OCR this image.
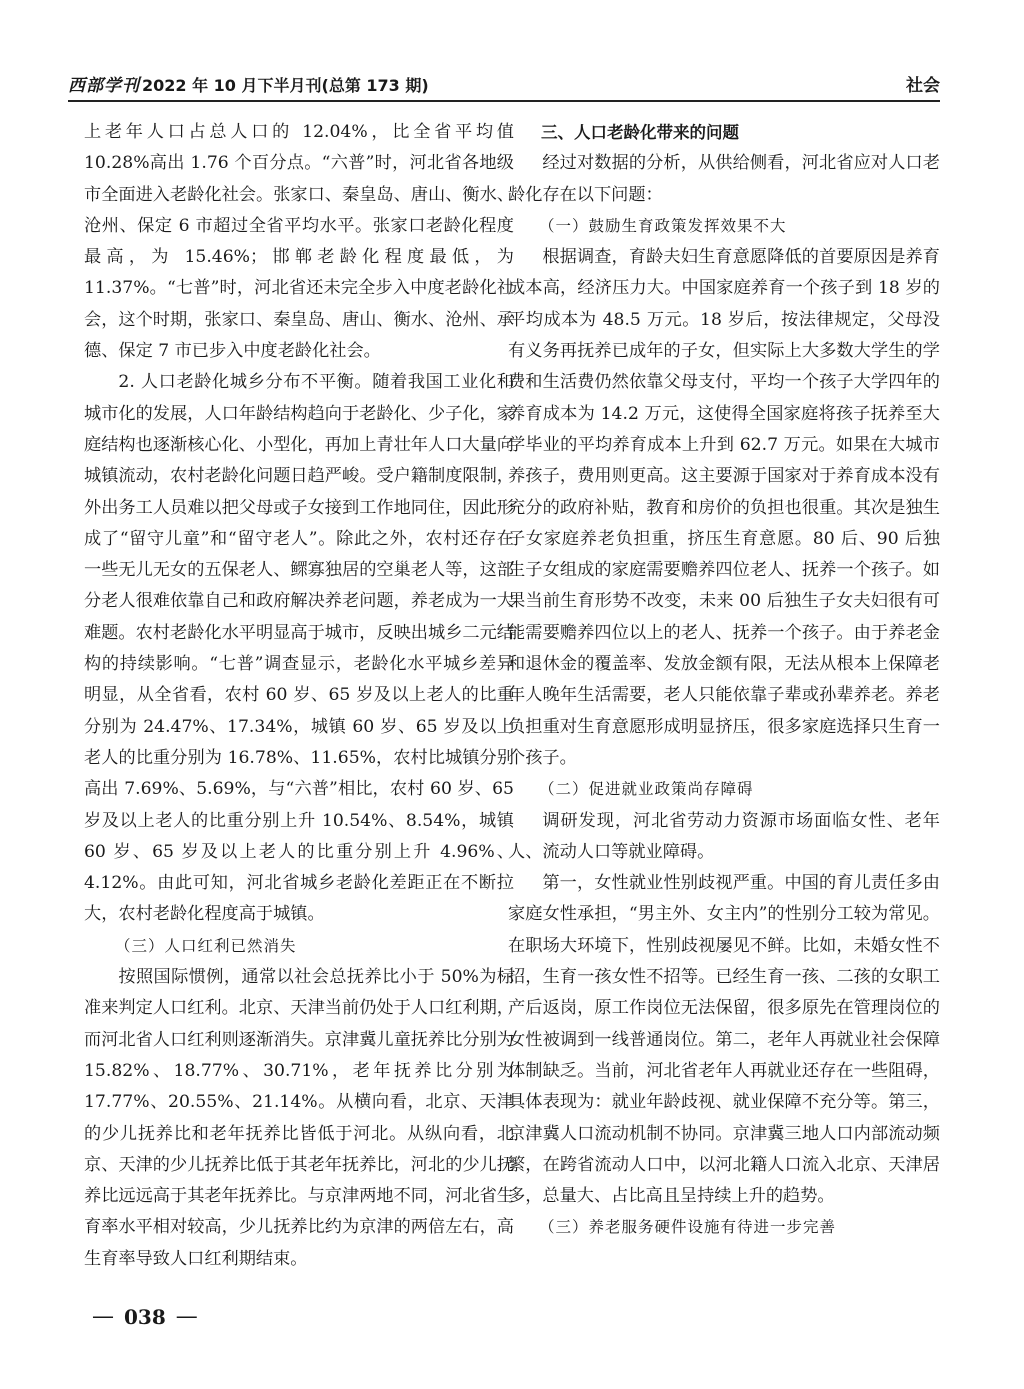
西部学刊 2022 年 10 月下半月刊(总第 173 期)	社会

上老年人口占总人口的 12.04%，比全省平均值 10.28%高出 1.76 个百分点。“六普”时，河北省各地级市全面进入老龄化社会。张家口、秦皇岛、唐山、衡水、沧州、保定 6 市超过全省平均水平。张家口老龄化程度最高，为 15.46%；邯郸老龄化程度最低，为 11.37%。“七普”时，河北省还未完全步入中度老龄化社会，这个时期，张家口、秦皇岛、唐山、衡水、沧州、承德、保定 7 市已步入中度老龄化社会。

2. 人口老龄化城乡分布不平衡。随着我国工业化和城市化的发展，人口年龄结构趋向于老龄化、少子化，家庭结构也逐渐核心化、小型化，再加上青壮年人口大量向城镇流动，农村老龄化问题日趋严峻。受户籍制度限制，外出务工人员难以把父母或子女接到工作地同住，因此形成了“留守儿童”和“留守老人”。除此之外，农村还存在一些无儿无女的五保老人、鳏寡独居的空巢老人等，这部分老人很难依靠自己和政府解决养老问题，养老成为一大难题。农村老龄化水平明显高于城市，反映出城乡二元结构的持续影响。“七普”调查显示，老龄化水平城乡差异明显，从全省看，农村 60 岁、65 岁及以上老人的比重分别为 24.47%、17.34%，城镇 60 岁、65 岁及以上老人的比重分别为 16.78%、11.65%，农村比城镇分别高出 7.69%、5.69%，与“六普”相比，农村 60 岁、65 岁及以上老人的比重分别上升 10.54%、8.54%，城镇 60 岁、65 岁及以上老人的比重分别上升 4.96%、4.12%。由此可知，河北省城乡老龄化差距正在不断拉大，农村老龄化程度高于城镇。

（三）人口红利已然消失

按照国际惯例，通常以社会总抚养比小于 50%为标准来判定人口红利。北京、天津当前仍处于人口红利期，而河北省人口红利则逐渐消失。京津冀儿童抚养比分别为 15.82%、18.77%、30.71%，老年抚养比分别为 17.77%、20.55%、21.14%。从横向看，北京、天津的少儿抚养比和老年抚养比皆低于河北。从纵向看，北京、天津的少儿抚养比低于其老年抚养比，河北的少儿抚养比远远高于其老年抚养比。与京津两地不同，河北省生育率水平相对较高，少儿抚养比约为京津的两倍左右，高生育率导致人口红利期结束。

三、人口老龄化带来的问题

经过对数据的分析，从供给侧看，河北省应对人口老龄化存在以下问题：

（一）鼓励生育政策发挥效果不大

根据调查，育龄夫妇生育意愿降低的首要原因是养育成本高，经济压力大。中国家庭养育一个孩子到 18 岁的平均成本为 48.5 万元。18 岁后，按法律规定，父母没有义务再抚养已成年的子女，但实际上大多数大学生的学费和生活费仍然依靠父母支付，平均一个孩子大学四年的养育成本为 14.2 万元，这使得全国家庭将孩子抚养至大学毕业的平均养育成本上升到 62.7 万元。如果在大城市养孩子，费用则更高。这主要源于国家对于养育成本没有充分的政府补贴，教育和房价的负担也很重。其次是独生子女家庭养老负担重，挤压生育意愿。80 后、90 后独生子女组成的家庭需要赡养四位老人、抚养一个孩子。如果当前生育形势不改变，未来 00 后独生子女夫妇很有可能需要赡养四位以上的老人、抚养一个孩子。由于养老金和退休金的覆盖率、发放金额有限，无法从根本上保障老年人晚年生活需要，老人只能依靠子辈或孙辈养老。养老负担重对生育意愿形成明显挤压，很多家庭选择只生育一个孩子。

（二）促进就业政策尚存障碍

调研发现，河北省劳动力资源市场面临女性、老年人、流动人口等就业障碍。

第一，女性就业性别歧视严重。中国的育儿责任多由家庭女性承担，“男主外、女主内”的性别分工较为常见。在职场大环境下，性别歧视屡见不鲜。比如，未婚女性不招，生育一孩女性不招等。已经生育一孩、二孩的女职工产后返岗，原工作岗位无法保留，很多原先在管理岗位的女性被调到一线普通岗位。第二，老年人再就业社会保障体制缺乏。当前，河北省老年人再就业还存在一些阻碍，具体表现为：就业年龄歧视、就业保障不充分等。第三，京津冀人口流动机制不协同。京津冀三地人口内部流动频繁，在跨省流动人口中，以河北籍人口流入北京、天津居多，总量大、占比高且呈持续上升的趋势。

（三）养老服务硬件设施有待进一步完善

— 038 —
